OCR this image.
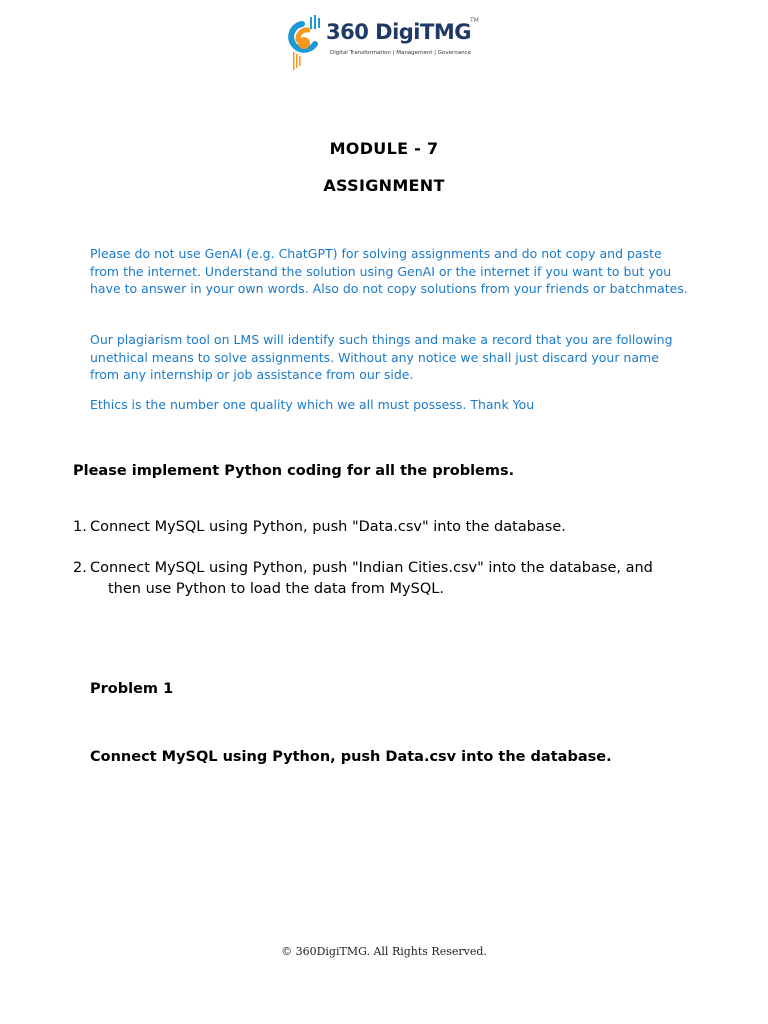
360 DigiTMG TM
Digital Transformation | Management | Governance
MODULE - 7
ASSIGNMENT
Please do not use GenAI (e.g. ChatGPT) for solving assignments and do not copy and paste from the internet. Understand the solution using GenAI or the internet if you want to but you have to answer in your own words. Also do not copy solutions from your friends or batchmates.
Our plagiarism tool on LMS will identify such things and make a record that you are following unethical means to solve assignments. Without any notice we shall just discard your name from any internship or job assistance from our side.
Ethics is the number one quality which we all must possess. Thank You
Please implement Python coding for all the problems.
1. Connect MySQL using Python, push "Data.csv" into the database.
2. Connect MySQL using Python, push "Indian Cities.csv" into the database, and
then use Python to load the data from MySQL.
Problem 1
Connect MySQL using Python, push Data.csv into the database.
© 360DigiTMG. All Rights Reserved.
